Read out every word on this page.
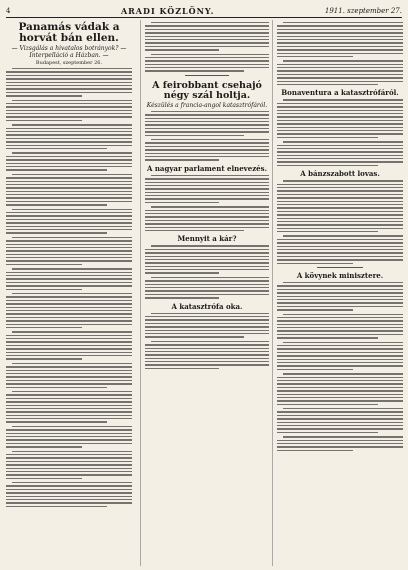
4	ARADI KÖZLÖNY.	1911. szeptember 27.
Panamás vádak a horvát bán ellen.
— Vizsgálás a hivatalos botrányok? — Interpelláció a Házban. —
Budapest, szeptember 26.
A feirobbant csehajó négy szál holtja.
Készülés a francia-angol katasztrófáról.
A nagyar parlament elnevezés.
Mennyit a kár?
A katasztrófa oka.
Bonaventura a katasztrófáról.
A bánzszabott lovas.
A kövynek minisztere.
